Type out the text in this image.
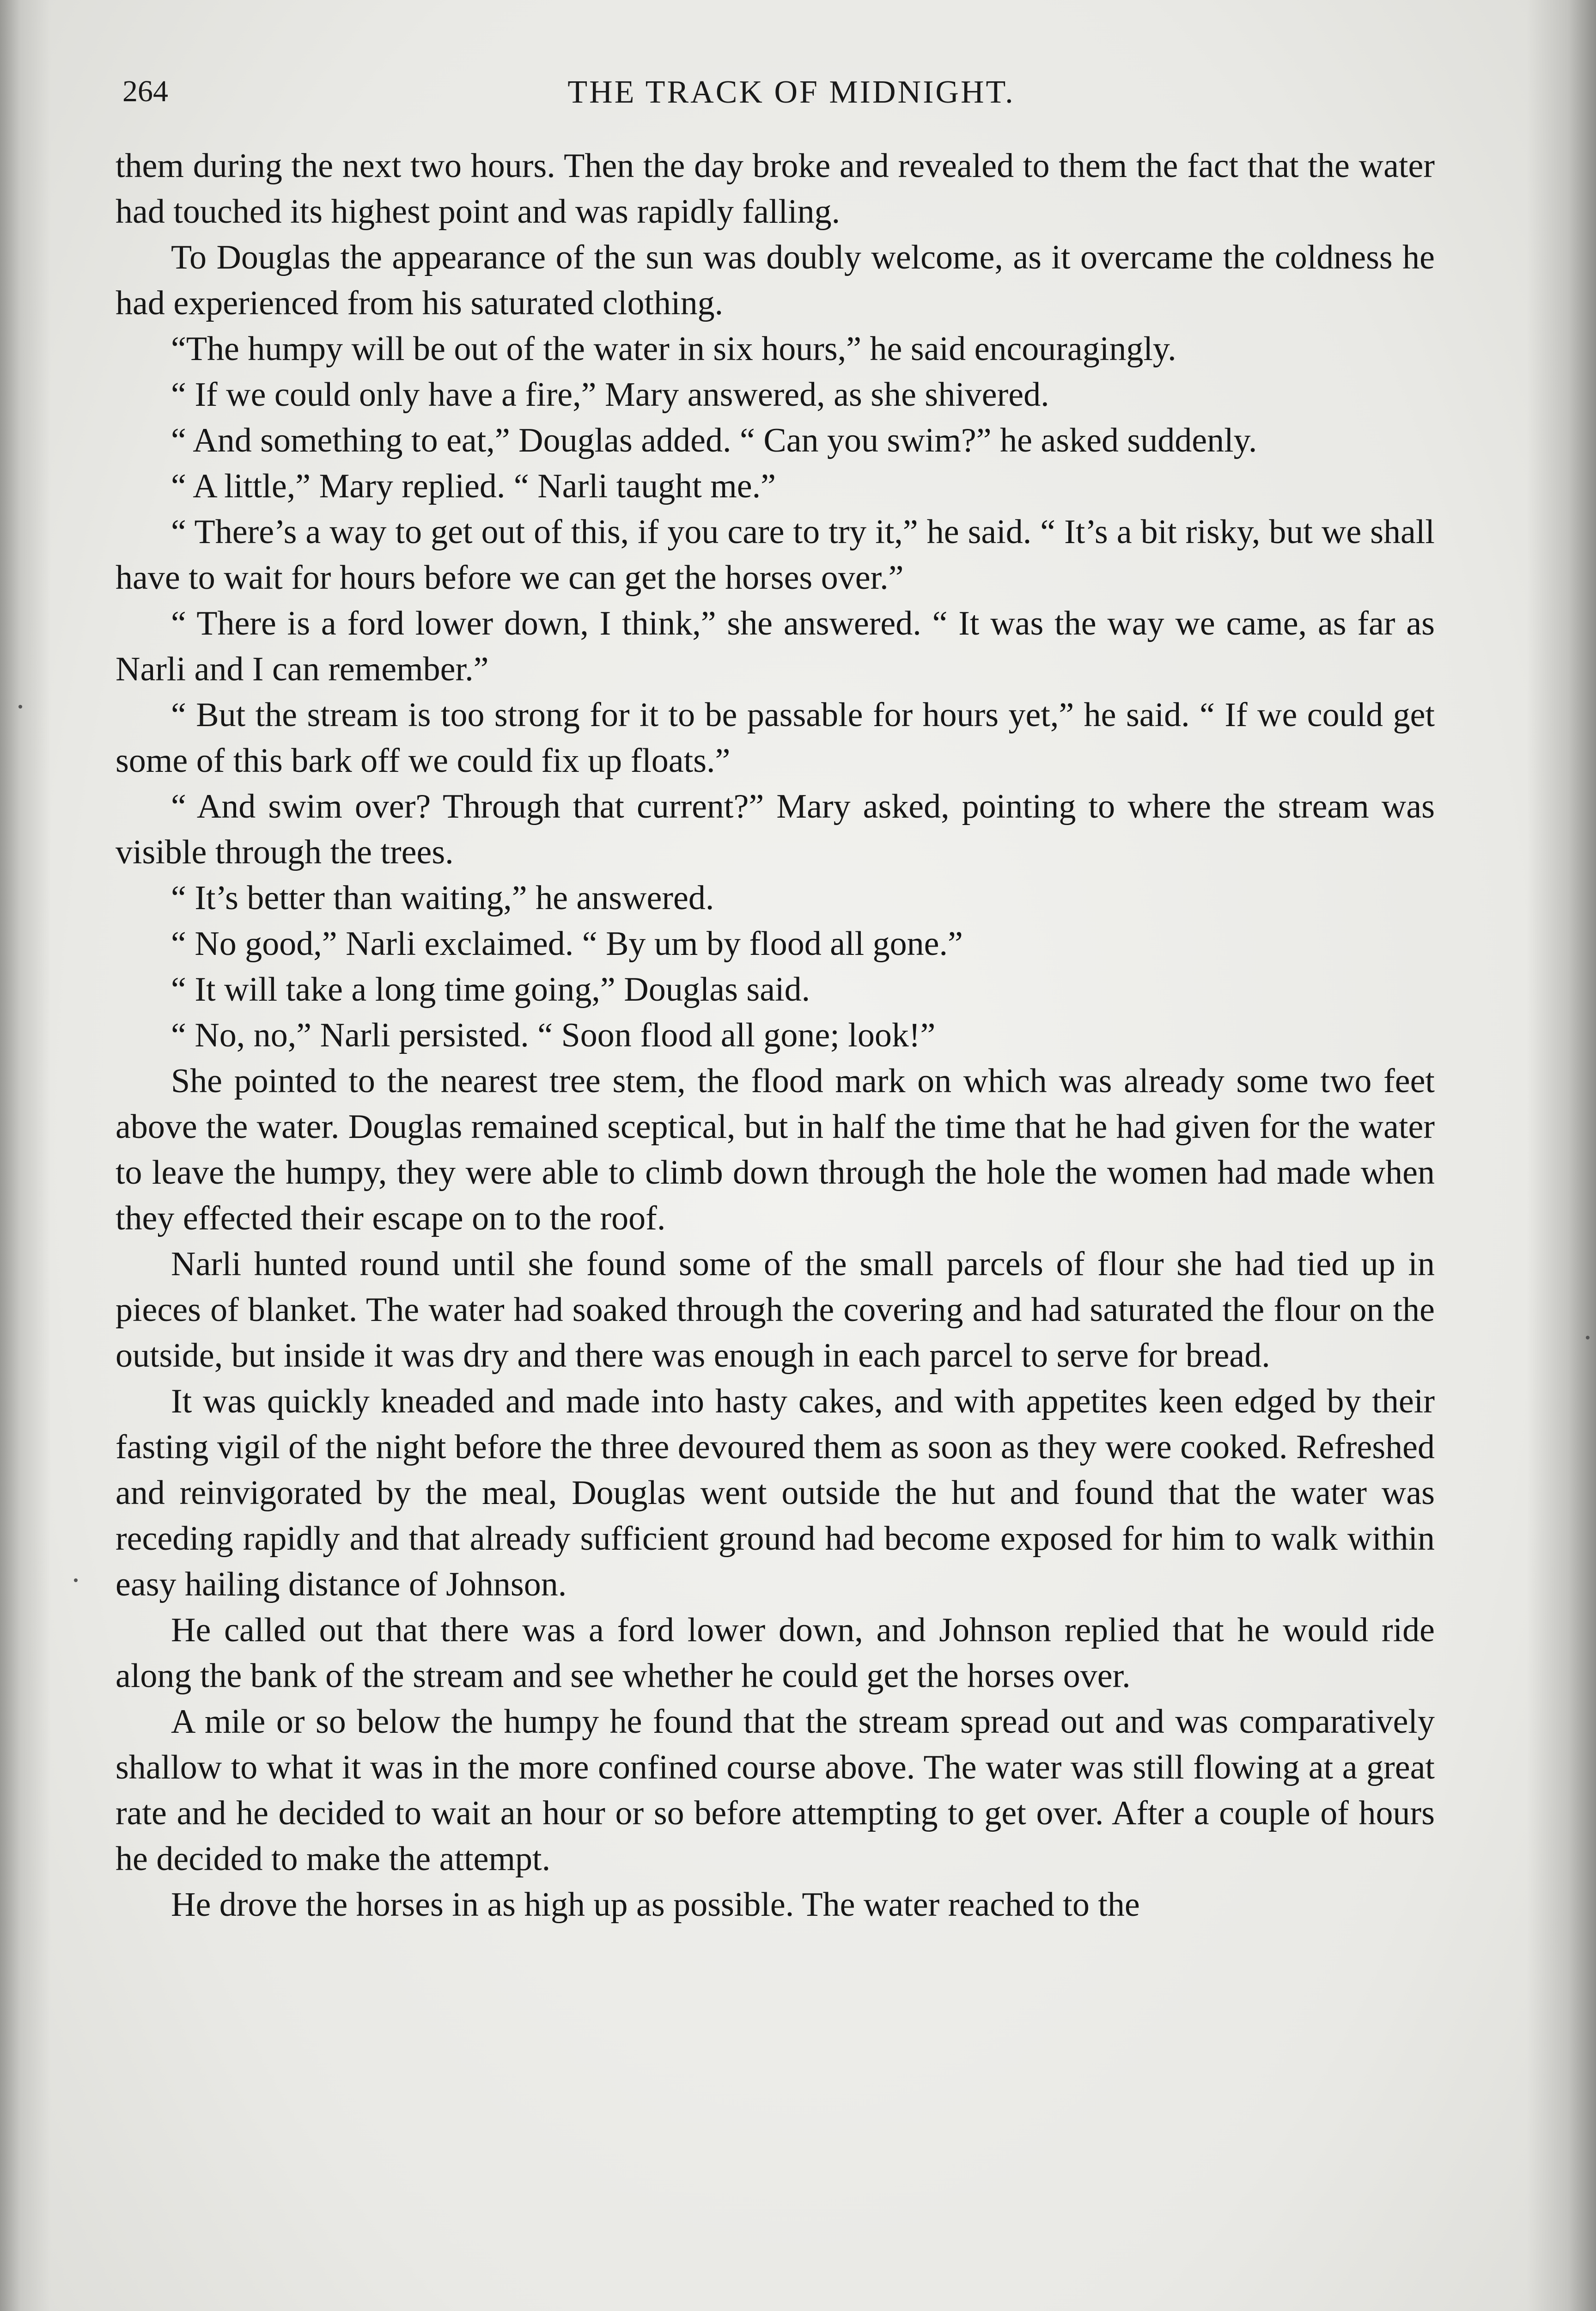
264	THE TRACK OF MIDNIGHT.

them during the next two hours. Then the day broke and revealed to them the fact that the water had touched its highest point and was rapidly falling.

To Douglas the appearance of the sun was doubly welcome, as it overcame the coldness he had experienced from his saturated clothing.

“The humpy will be out of the water in six hours,” he said encouragingly.

“ If we could only have a fire,” Mary answered, as she shivered.

“ And something to eat,” Douglas added. “ Can you swim?” he asked suddenly.

“ A little,” Mary replied. “ Narli taught me.”

“ There’s a way to get out of this, if you care to try it,” he said. “ It’s a bit risky, but we shall have to wait for hours before we can get the horses over.”

“ There is a ford lower down, I think,” she answered. “ It was the way we came, as far as Narli and I can remember.”

“ But the stream is too strong for it to be passable for hours yet,” he said. “ If we could get some of this bark off we could fix up floats.”

“ And swim over? Through that current?” Mary asked, pointing to where the stream was visible through the trees.

“ It’s better than waiting,” he answered.

“ No good,” Narli exclaimed. “ By um by flood all gone.”

“ It will take a long time going,” Douglas said.

“ No, no,” Narli persisted. “ Soon flood all gone; look!”

She pointed to the nearest tree stem, the flood mark on which was already some two feet above the water. Douglas remained sceptical, but in half the time that he had given for the water to leave the humpy, they were able to climb down through the hole the women had made when they effected their escape on to the roof.

Narli hunted round until she found some of the small parcels of flour she had tied up in pieces of blanket. The water had soaked through the covering and had saturated the flour on the outside, but inside it was dry and there was enough in each parcel to serve for bread.

It was quickly kneaded and made into hasty cakes, and with appetites keen edged by their fasting vigil of the night before the three devoured them as soon as they were cooked. Refreshed and reinvigorated by the meal, Douglas went outside the hut and found that the water was receding rapidly and that already sufficient ground had become exposed for him to walk within easy hailing distance of Johnson.

He called out that there was a ford lower down, and Johnson replied that he would ride along the bank of the stream and see whether he could get the horses over.

A mile or so below the humpy he found that the stream spread out and was comparatively shallow to what it was in the more confined course above. The water was still flowing at a great rate and he decided to wait an hour or so before attempting to get over. After a couple of hours he decided to make the attempt.

He drove the horses in as high up as possible. The water reached to the
